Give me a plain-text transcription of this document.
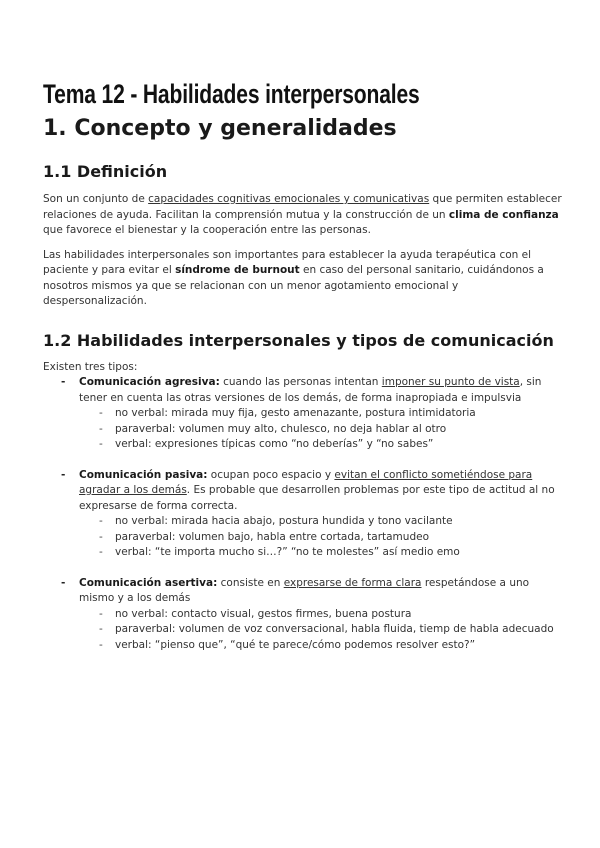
Tema 12 - Habilidades interpersonales
1. Concepto y generalidades
1.1 Definición

Son un conjunto de capacidades cognitivas emocionales y comunicativas que permiten establecer relaciones de ayuda. Facilitan la comprensión mutua y la construcción de un clima de confianza que favorece el bienestar y la cooperación entre las personas.

Las habilidades interpersonales son importantes para establecer la ayuda terapéutica con el paciente y para evitar el síndrome de burnout en caso del personal sanitario, cuidándonos a nosotros mismos ya que se relacionan con un menor agotamiento emocional y despersonalización.

1.2 Habilidades interpersonales y tipos de comunicación

Existen tres tipos:

- Comunicación agresiva: cuando las personas intentan imponer su punto de vista, sin tener en cuenta las otras versiones de los demás, de forma inapropiada e impulsvia

- no verbal: mirada muy fija, gesto amenazante, postura intimidatoria

- paraverbal: volumen muy alto, chulesco, no deja hablar al otro

- verbal: expresiones típicas como “no deberías” y “no sabes”

- Comunicación pasiva: ocupan poco espacio y evitan el conflicto sometiéndose para agradar a los demás. Es probable que desarrollen problemas por este tipo de actitud al no expresarse de forma correcta.

- no verbal: mirada hacia abajo, postura hundida y tono vacilante

- paraverbal: volumen bajo, habla entre cortada, tartamudeo

- verbal: “te importa mucho si…?” “no te molestes” así medio emo

- Comunicación asertiva: consiste en expresarse de forma clara respetándose a uno mismo y a los demás

- no verbal: contacto visual, gestos firmes, buena postura

- paraverbal: volumen de voz conversacional, habla fluida, tiemp de habla adecuado

- verbal: “pienso que”, “qué te parece/cómo podemos resolver esto?”
